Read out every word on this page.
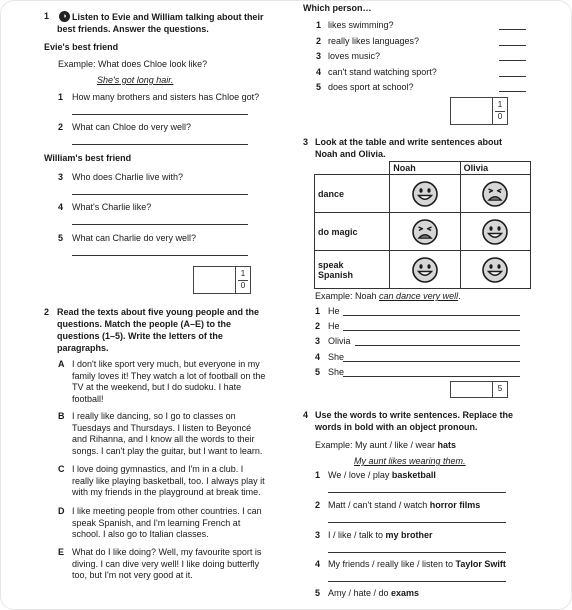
1	◑ Listen to Evie and William talking about their
best friends. Answer the questions.
Evie's best friend
Example: What does Chloe look like?
She's got long hair.
1 How many brothers and sisters has Chloe got?
2 What can Chloe do very well?
William's best friend
3 Who does Charlie live with?
4 What's Charlie like?
5 What can Charlie do very well?
1
0
Which person…
1 likes swimming?
2 really likes languages?
3 loves music?
4 can't stand watching sport?
5 does sport at school?
1
0
3 Look at the table and write sentences about
Noah and Olivia.
	Noah	Olivia
dance	

do magic	

speak
Spanish	

Example: Noah can dance very well.
1 He
2 He
3 Olivia
4 She
5 She
5
2 Read the texts about five young people and the
questions. Match the people (A–E) to the
questions (1–5). Write the letters of the
paragraphs.
A I don't like sport very much, but everyone in my
family loves it! They watch a lot of football on the
TV at the weekend, but I do sudoku. I hate
football!
B I really like dancing, so I go to classes on
Tuesdays and Thursdays. I listen to Beyoncé
and Rihanna, and I know all the words to their
songs. I can't play the guitar, but I want to learn.
C I love doing gymnastics, and I'm in a club. I
really like playing basketball, too. I always play it
with my friends in the playground at break time.
D I like meeting people from other countries. I can
speak Spanish, and I'm learning French at
school. I also go to Italian classes.
E What do I like doing? Well, my favourite sport is
diving. I can dive very well! I like doing butterfly
too, but I'm not very good at it.
4 Use the words to write sentences. Replace the
words in bold with an object pronoun.
Example: My aunt / like / wear hats
My aunt likes wearing them.
1 We / love / play basketball
2 Matt / can't stand / watch horror films
3 I / like / talk to my brother
4 My friends / really like / listen to Taylor Swift
5 Amy / hate / do exams
